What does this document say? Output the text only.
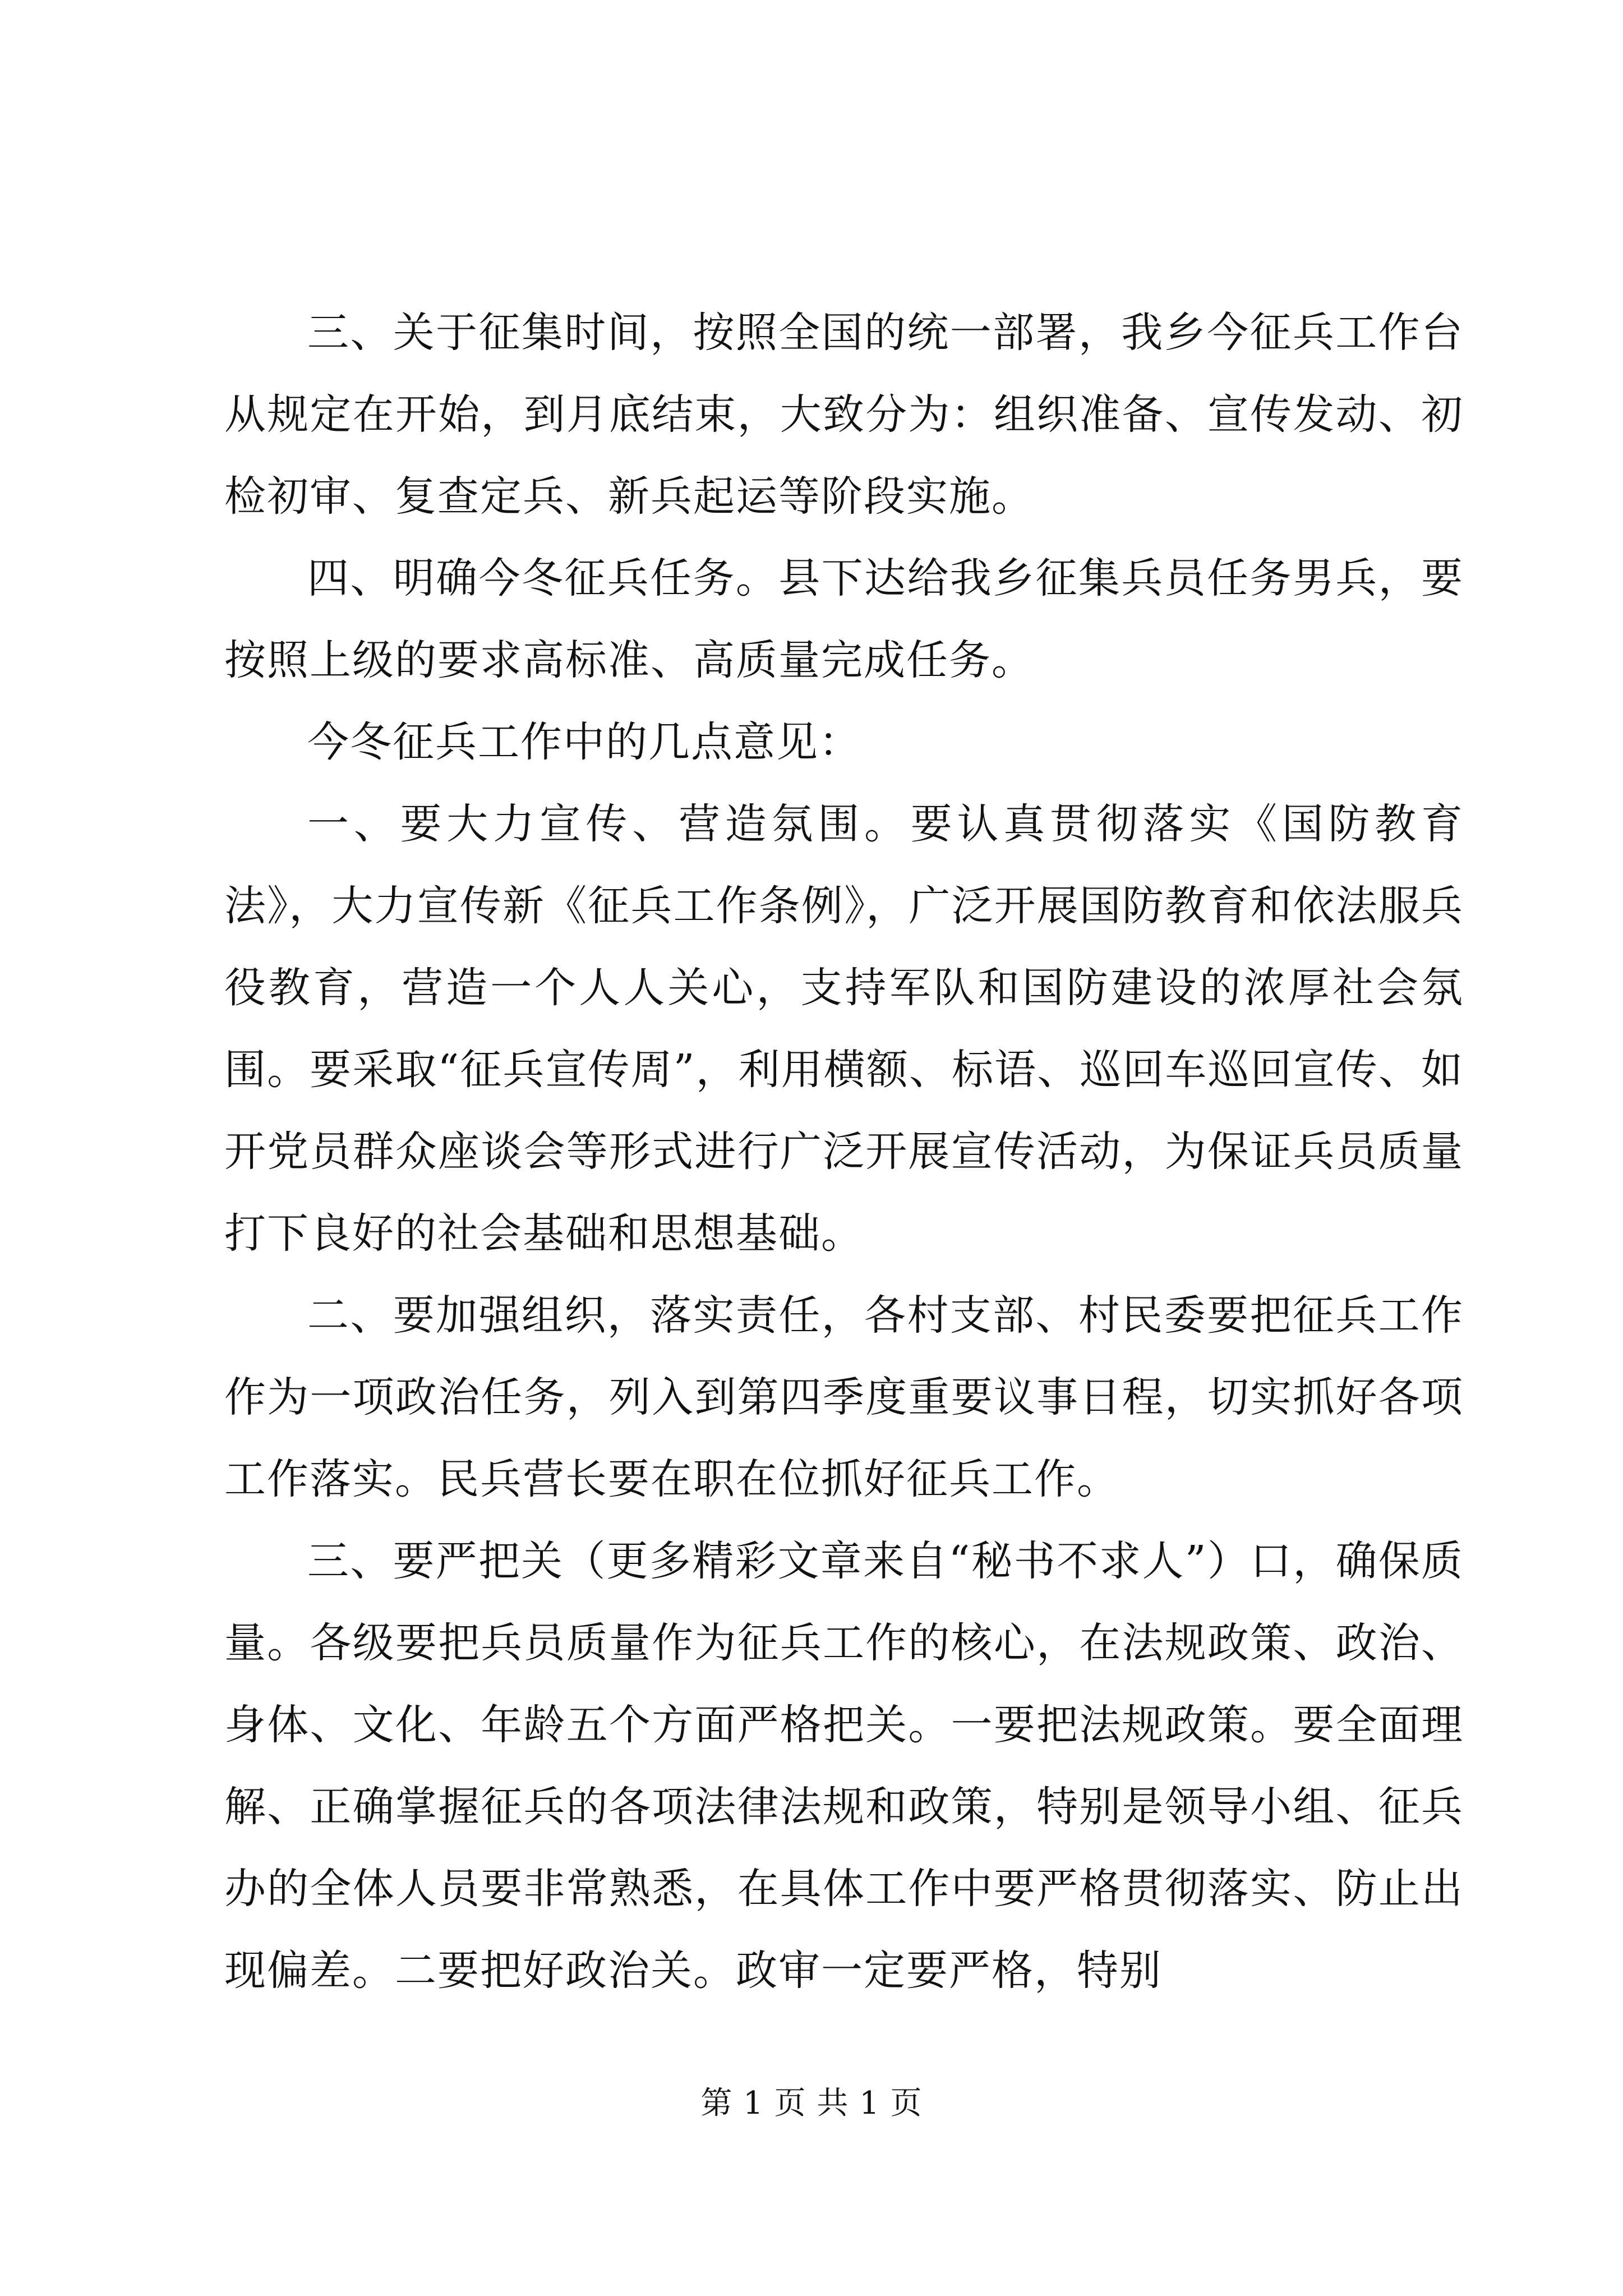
三、关于征集时间，按照全国的统一部署，我乡今征兵工作台从规定在开始，到月底结束，大致分为：组织准备、宣传发动、初检初审、复查定兵、新兵起运等阶段实施。

四、明确今冬征兵任务。县下达给我乡征集兵员任务男兵，要按照上级的要求高标准、高质量完成任务。

今冬征兵工作中的几点意见：

一、要大力宣传、营造氛围。要认真贯彻落实《国防教育法》，大力宣传新《征兵工作条例》，广泛开展国防教育和依法服兵役教育，营造一个人人关心，支持军队和国防建设的浓厚社会氛围。要采取“征兵宣传周”，利用横额、标语、巡回车巡回宣传、如开党员群众座谈会等形式进行广泛开展宣传活动，为保证兵员质量打下良好的社会基础和思想基础。

二、要加强组织，落实责任，各村支部、村民委要把征兵工作作为一项政治任务，列入到第四季度重要议事日程，切实抓好各项工作落实。民兵营长要在职在位抓好征兵工作。

三、要严把关（更多精彩文章来自“秘书不求人”）口，确保质量。各级要把兵员质量作为征兵工作的核心，在法规政策、政治、身体、文化、年龄五个方面严格把关。一要把法规政策。要全面理解、正确掌握征兵的各项法律法规和政策，特别是领导小组、征兵办的全体人员要非常熟悉，在具体工作中要严格贯彻落实、防止出现偏差。二要把好政治关。政审一定要严格，特别

第 1 页 共 1 页
